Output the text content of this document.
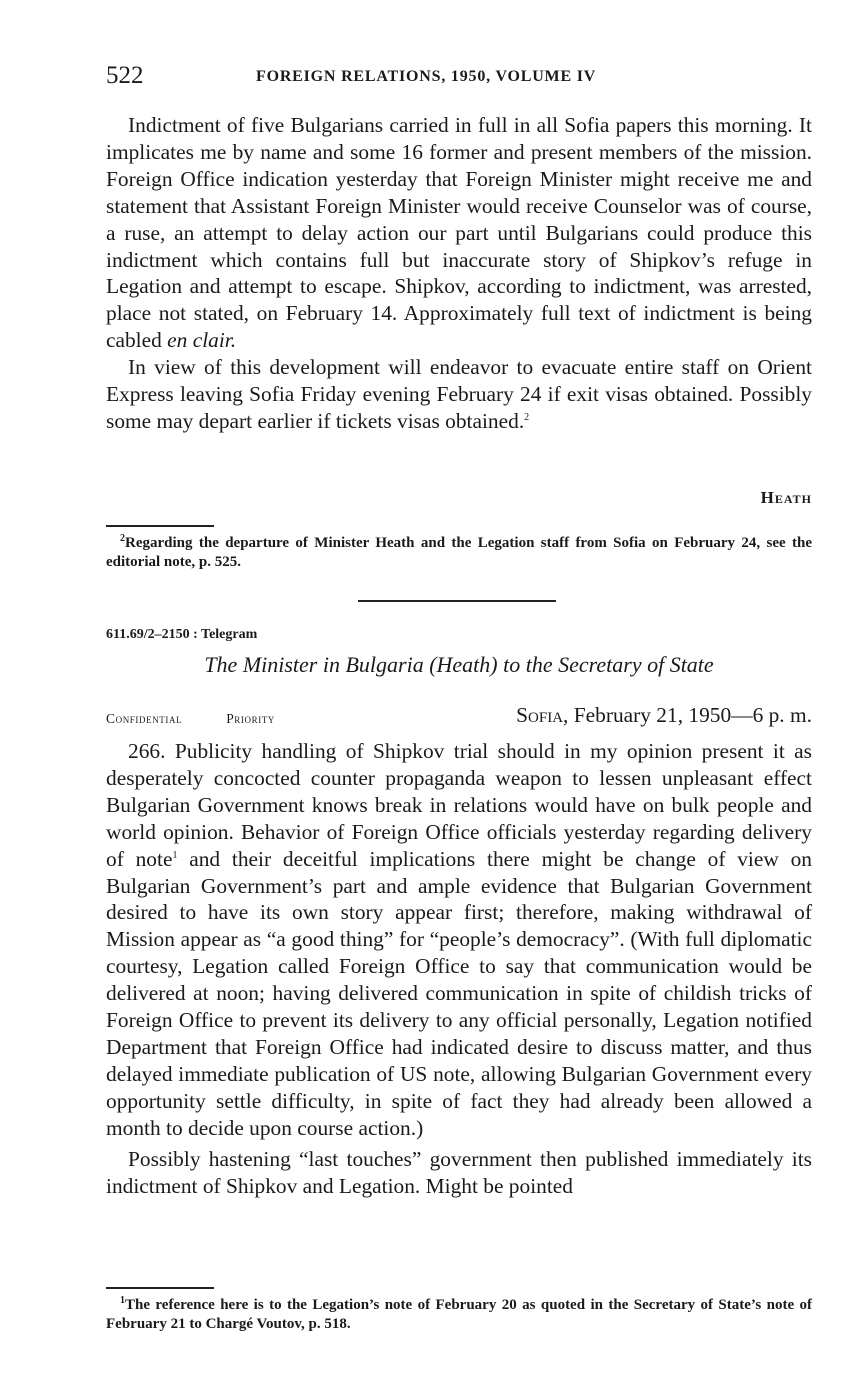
522	FOREIGN RELATIONS, 1950, VOLUME IV

Indictment of five Bulgarians carried in full in all Sofia papers this morning. It implicates me by name and some 16 former and present members of the mission. Foreign Office indication yesterday that Foreign Minister might receive me and statement that Assistant Foreign Minister would receive Counselor was of course, a ruse, an attempt to delay action our part until Bulgarians could produce this indictment which contains full but inaccurate story of Shipkov’s refuge in Legation and attempt to escape. Shipkov, according to indictment, was arrested, place not stated, on February 14. Approximately full text of indictment is being cabled en clair.

In view of this development will endeavor to evacuate entire staff on Orient Express leaving Sofia Friday evening February 24 if exit visas obtained. Possibly some may depart earlier if tickets visas obtained.$^2$

Heath

$^2$Regarding the departure of Minister Heath and the Legation staff from Sofia on February 24, see the editorial note, p. 525.

611.69/2–2150 : Telegram
The Minister in Bulgaria (Heath) to the Secretary of State
Confidential	Priority	Sofia, February 21, 1950—6 p. m.

266. Publicity handling of Shipkov trial should in my opinion present it as desperately concocted counter propaganda weapon to lessen unpleasant effect Bulgarian Government knows break in relations would have on bulk people and world opinion. Behavior of Foreign Office officials yesterday regarding delivery of note$^1$ and their deceitful implications there might be change of view on Bulgarian Government’s part and ample evidence that Bulgarian Government desired to have its own story appear first; therefore, making withdrawal of Mission appear as “a good thing” for “people’s democracy”. (With full diplomatic courtesy, Legation called Foreign Office to say that communication would be delivered at noon; having delivered communication in spite of childish tricks of Foreign Office to prevent its delivery to any official personally, Legation notified Department that Foreign Office had indicated desire to discuss matter, and thus delayed immediate publication of US note, allowing Bulgarian Government every opportunity settle difficulty, in spite of fact they had already been allowed a month to decide upon course action.)

Possibly hastening “last touches” government then published immediately its indictment of Shipkov and Legation. Might be pointed

$^1$The reference here is to the Legation’s note of February 20 as quoted in the Secretary of State’s note of February 21 to Chargé Voutov, p. 518.
